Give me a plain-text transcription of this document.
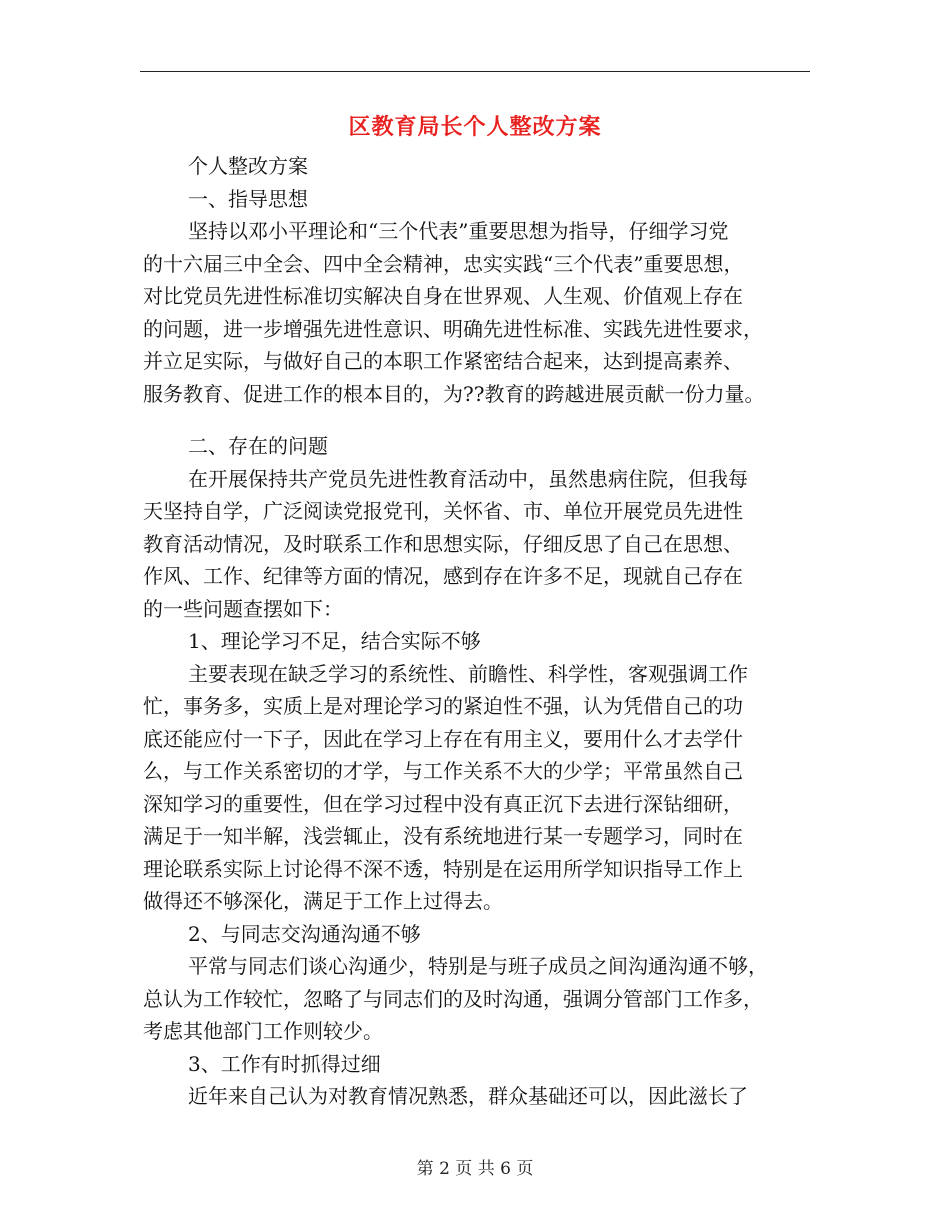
区教育局长个人整改方案
个人整改方案
一、指导思想
坚持以邓小平理论和“三个代表”重要思想为指导，仔细学习党
的十六届三中全会、四中全会精神，忠实实践“三个代表”重要思想，
对比党员先进性标准切实解决自身在世界观、人生观、价值观上存在
的问题，进一步增强先进性意识、明确先进性标准、实践先进性要求，
并立足实际，与做好自己的本职工作紧密结合起来，达到提高素养、
服务教育、促进工作的根本目的，为??教育的跨越进展贡献一份力量。
二、存在的问题
在开展保持共产党员先进性教育活动中，虽然患病住院，但我每
天坚持自学，广泛阅读党报党刊，关怀省、市、单位开展党员先进性
教育活动情况，及时联系工作和思想实际，仔细反思了自己在思想、
作风、工作、纪律等方面的情况，感到存在许多不足，现就自己存在
的一些问题查摆如下：
1、理论学习不足，结合实际不够
主要表现在缺乏学习的系统性、前瞻性、科学性，客观强调工作
忙，事务多，实质上是对理论学习的紧迫性不强，认为凭借自己的功
底还能应付一下子，因此在学习上存在有用主义，要用什么才去学什
么，与工作关系密切的才学，与工作关系不大的少学；平常虽然自己
深知学习的重要性，但在学习过程中没有真正沉下去进行深钻细研，
满足于一知半解，浅尝辄止，没有系统地进行某一专题学习，同时在
理论联系实际上讨论得不深不透，特别是在运用所学知识指导工作上
做得还不够深化，满足于工作上过得去。
2、与同志交沟通沟通不够
平常与同志们谈心沟通少，特别是与班子成员之间沟通沟通不够，
总认为工作较忙，忽略了与同志们的及时沟通，强调分管部门工作多，
考虑其他部门工作则较少。
3、工作有时抓得过细
近年来自己认为对教育情况熟悉，群众基础还可以，因此滋长了
第 2 页 共 6 页
